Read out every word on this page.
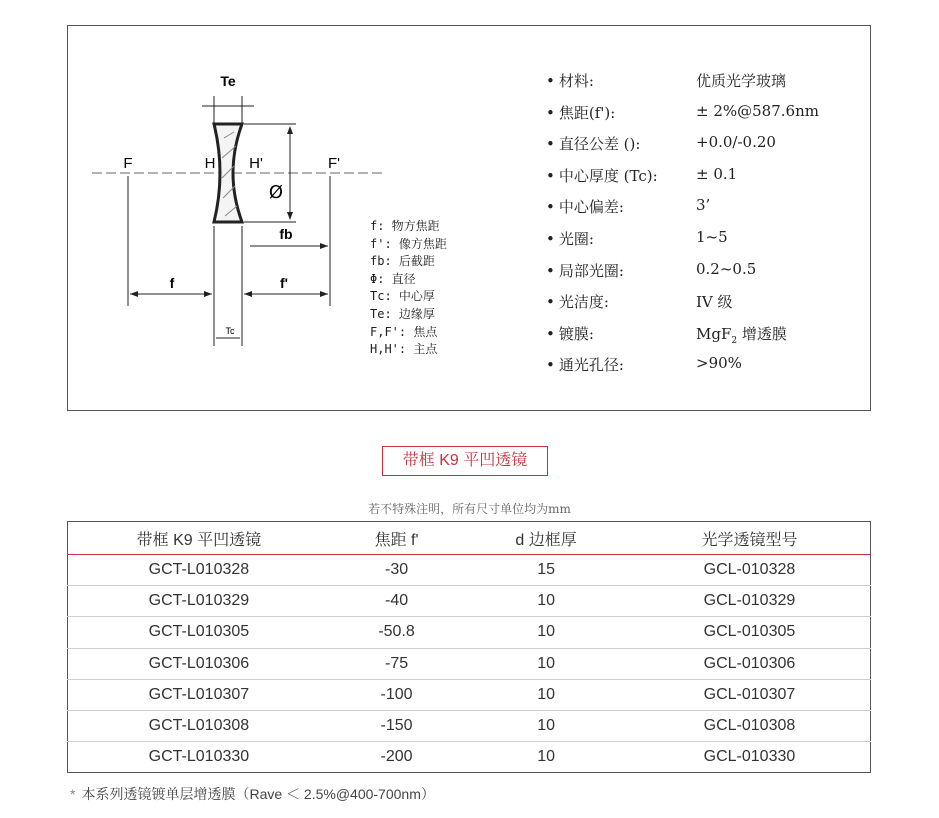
Te
F	H H'	F'
Ø
fb
f	f'
Tc
f: 物方焦距
f': 像方焦距
fb: 后截距
Φ: 直径
Tc: 中心厚
Te: 边缘厚
F,F': 焦点
H,H': 主点
• 材料:	优质光学玻璃
• 焦距(f'):	± 2%@587.6nm
• 直径公差 ():	+0.0/-0.20
• 中心厚度 (Tc):	± 0.1
• 中心偏差:	3’
• 光圈:	1~5
• 局部光圈:	0.2~0.5
• 光洁度:	IV 级
• 镀膜:	MgF$_2$ 增透膜
• 通光孔径:	>90%
带框 K9 平凹透镜
若不特殊注明，所有尺寸单位均为mm
带框 K9 平凹透镜	焦距 f'	d 边框厚	光学透镜型号
GCT-L010328	-30	15	GCL-010328
GCT-L010329	-40	10	GCL-010329
GCT-L010305	-50.8	10	GCL-010305
GCT-L010306	-75	10	GCL-010306
GCT-L010307	-100	10	GCL-010307
GCT-L010308	-150	10	GCL-010308
GCT-L010330	-200	10	GCL-010330
* 本系列透镜镀单层增透膜（Rave ＜ 2.5%@400-700nm）
